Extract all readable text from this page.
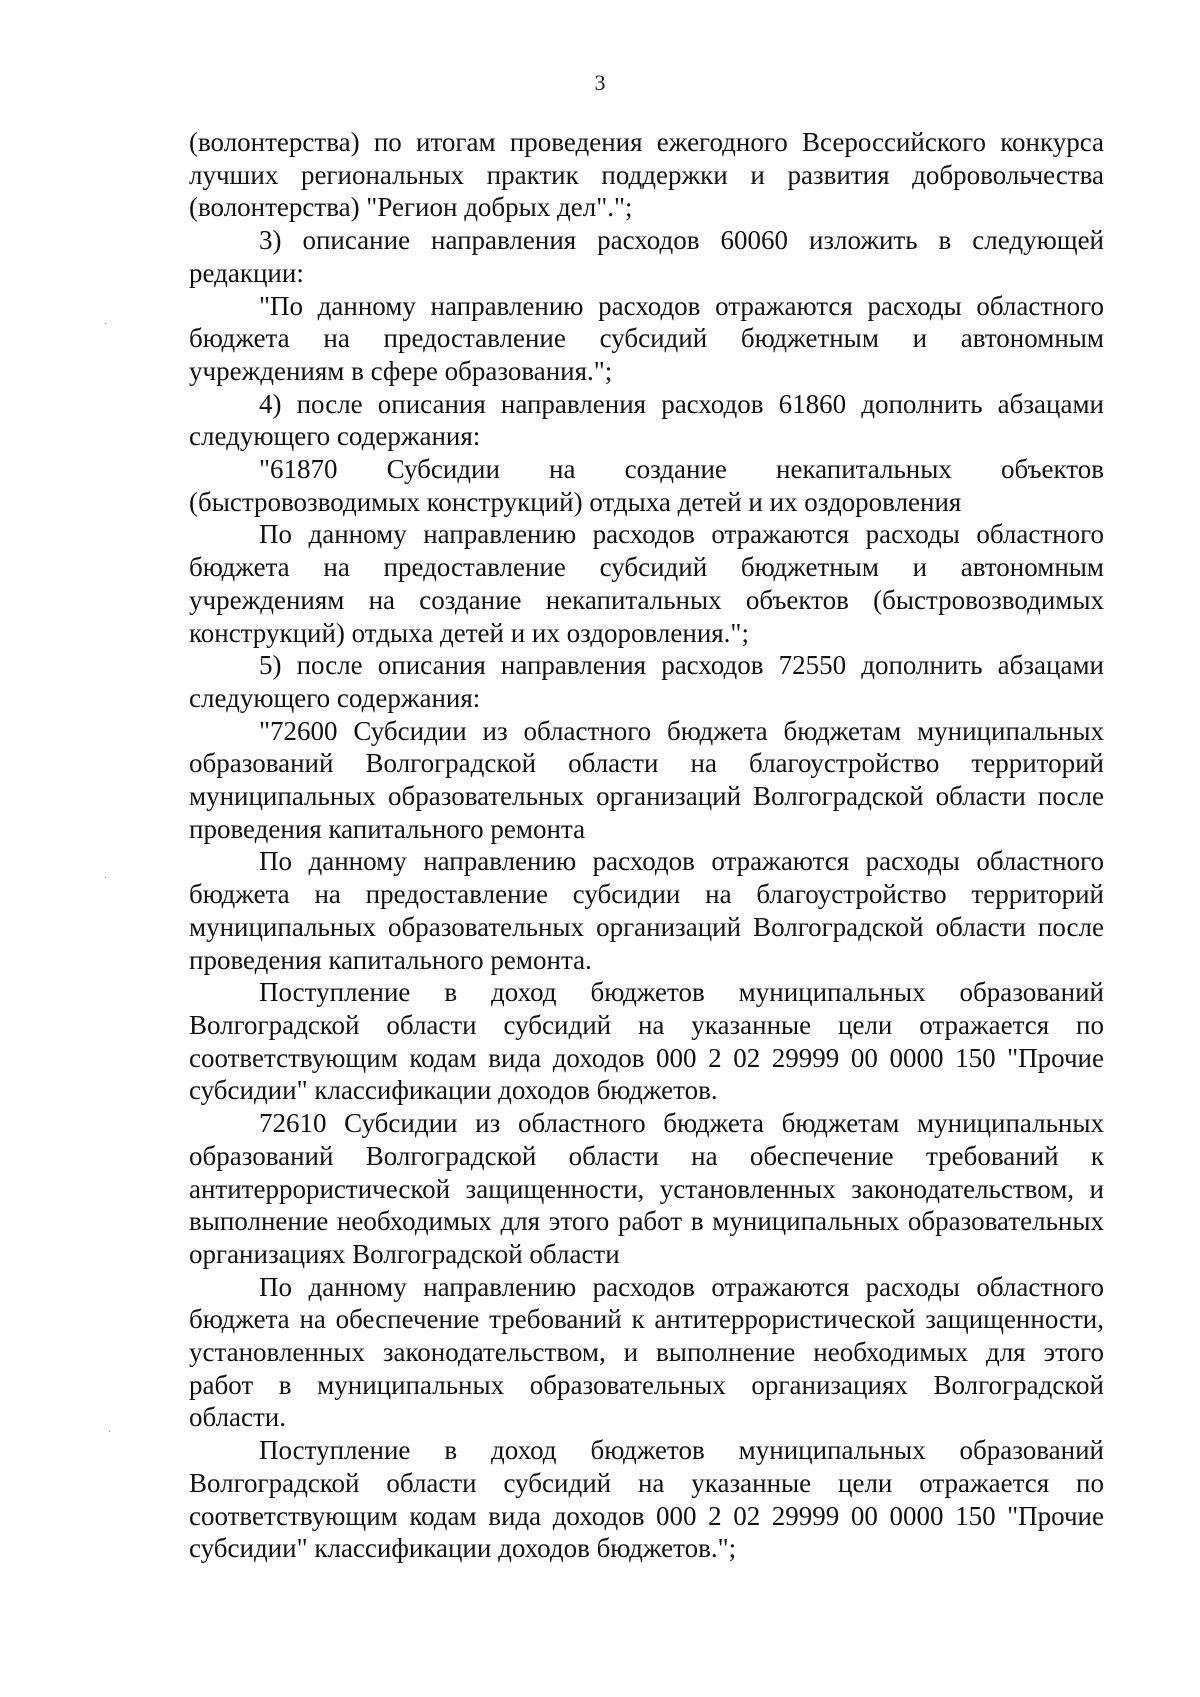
3

(волонтерства) по итогам проведения ежегодного Всероссийского конкурса лучших региональных практик поддержки и развития добровольчества (волонтерства) "Регион добрых дел".";

3) описание направления расходов 60060 изложить в следующей редакции:

"По данному направлению расходов отражаются расходы областного бюджета на предоставление субсидий бюджетным и автономным учреждениям в сфере образования.";

4) после описания направления расходов 61860 дополнить абзацами следующего содержания:

"61870 Субсидии на создание некапитальных объектов (быстровозводимых конструкций) отдыха детей и их оздоровления

По данному направлению расходов отражаются расходы областного бюджета на предоставление субсидий бюджетным и автономным учреждениям на создание некапитальных объектов (быстровозводимых конструкций) отдыха детей и их оздоровления.";

5) после описания направления расходов 72550 дополнить абзацами следующего содержания:

"72600 Субсидии из областного бюджета бюджетам муниципальных образований Волгоградской области на благоустройство территорий муниципальных образовательных организаций Волгоградской области после проведения капитального ремонта

По данному направлению расходов отражаются расходы областного бюджета на предоставление субсидии на благоустройство территорий муниципальных образовательных организаций Волгоградской области после проведения капитального ремонта.

Поступление в доход бюджетов муниципальных образований Волгоградской области субсидий на указанные цели отражается по соответствующим кодам вида доходов 000 2 02 29999 00 0000 150 "Прочие субсидии" классификации доходов бюджетов.

72610 Субсидии из областного бюджета бюджетам муниципальных образований Волгоградской области на обеспечение требований к антитеррористической защищенности, установленных законодательством, и выполнение необходимых для этого работ в муниципальных образовательных организациях Волгоградской области

По данному направлению расходов отражаются расходы областного бюджета на обеспечение требований к антитеррористической защищенности, установленных законодательством, и выполнение необходимых для этого работ в муниципальных образовательных организациях Волгоградской области.

Поступление в доход бюджетов муниципальных образований Волгоградской области субсидий на указанные цели отражается по соответствующим кодам вида доходов 000 2 02 29999 00 0000 150 "Прочие субсидии" классификации доходов бюджетов.";

·
·
·
